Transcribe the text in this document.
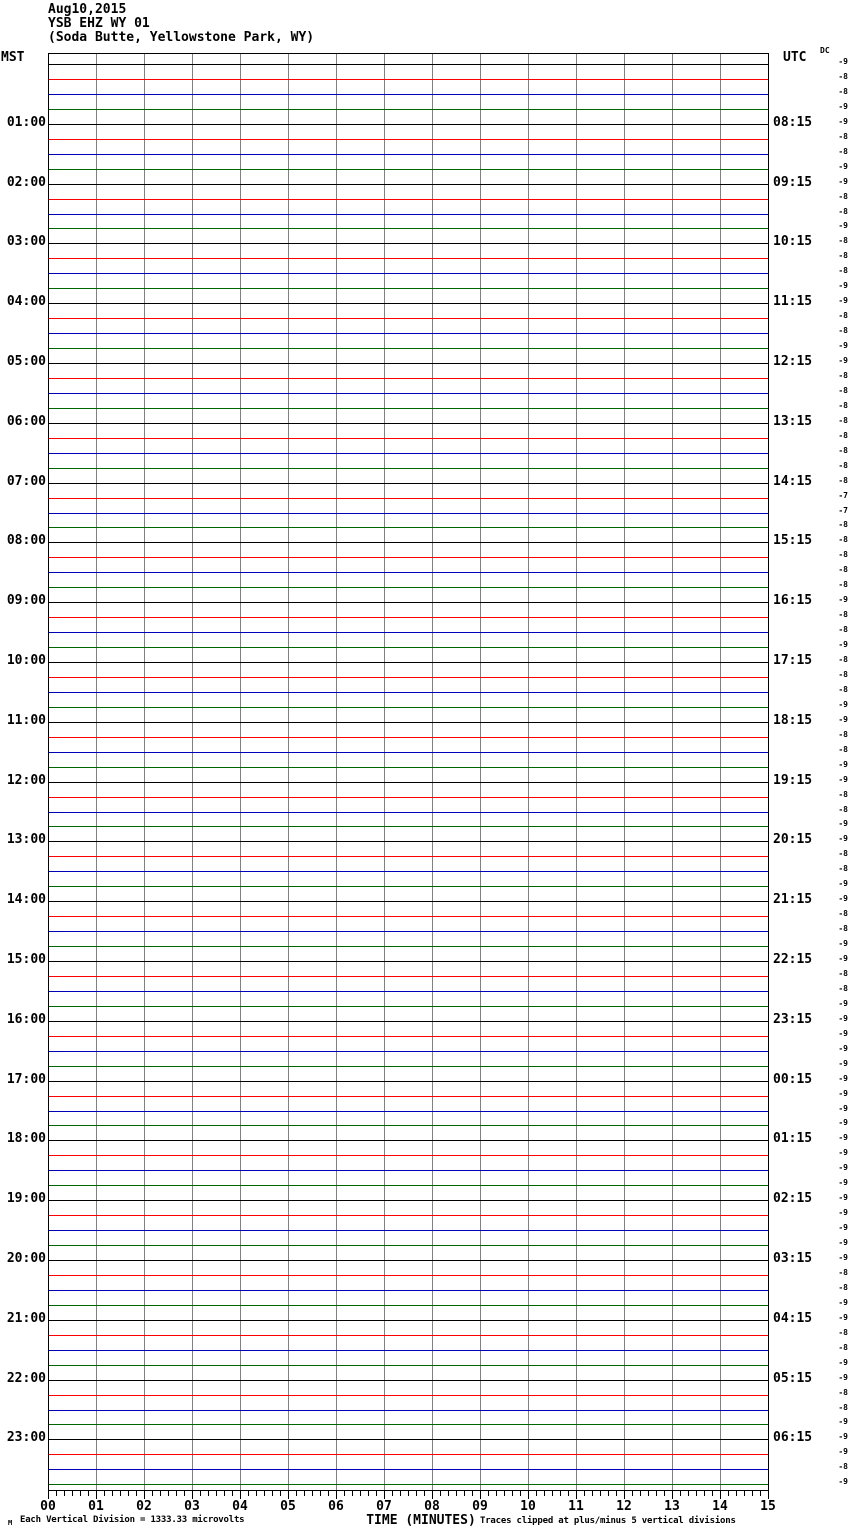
Aug10,2015
YSB EHZ WY 01
(Soda Butte, Yellowstone Park, WY)
MST	UTC DC
-9
-8
-8
-9
-9
-8
-8
-9
01:00	08:15
-9
-8
-8
-9
02:00	09:15
-8
-8
-8
-9
03:00	10:15
-9
-8
-8
-9
04:00	11:15
-9
-8
-8
-8
05:00	12:15
-8
-8
-8
-8
06:00	13:15
-8
-7
-7
-8
07:00	14:15
-8
-8
-8
-8
08:00	15:15
-9
-8
-8
-9
09:00	16:15
-8
-8
-8
-9
10:00	17:15
-9
-8
-8
-9
11:00	18:15
-9
-8
-8
-9
12:00	19:15
-9
-8
-8
-9
13:00	20:15
-9
-8
-8
-9
14:00	21:15
-9
-8
-8
-9
15:00	22:15
-9
-9
-9
-9
16:00	23:15
-9
-9
-9
-9
17:00	00:15
-9
-9
-9
-9
18:00	01:15
-9
-9
-9
-9
19:00	02:15
-9
-8
-8
-9
20:00	03:15
-9
-8
-8
-9
21:00	04:15
-9
-8
-8
-9
22:00	05:15
-9
-9
-8
-9
23:00	06:15
00 01 02 03 04 05 06 07 08 09 10 11 12 13 14 15
M Each Vertical Division = 1333.33 microvolts	TIME (MINUTES) Traces clipped at plus/minus 5 vertical divisions
